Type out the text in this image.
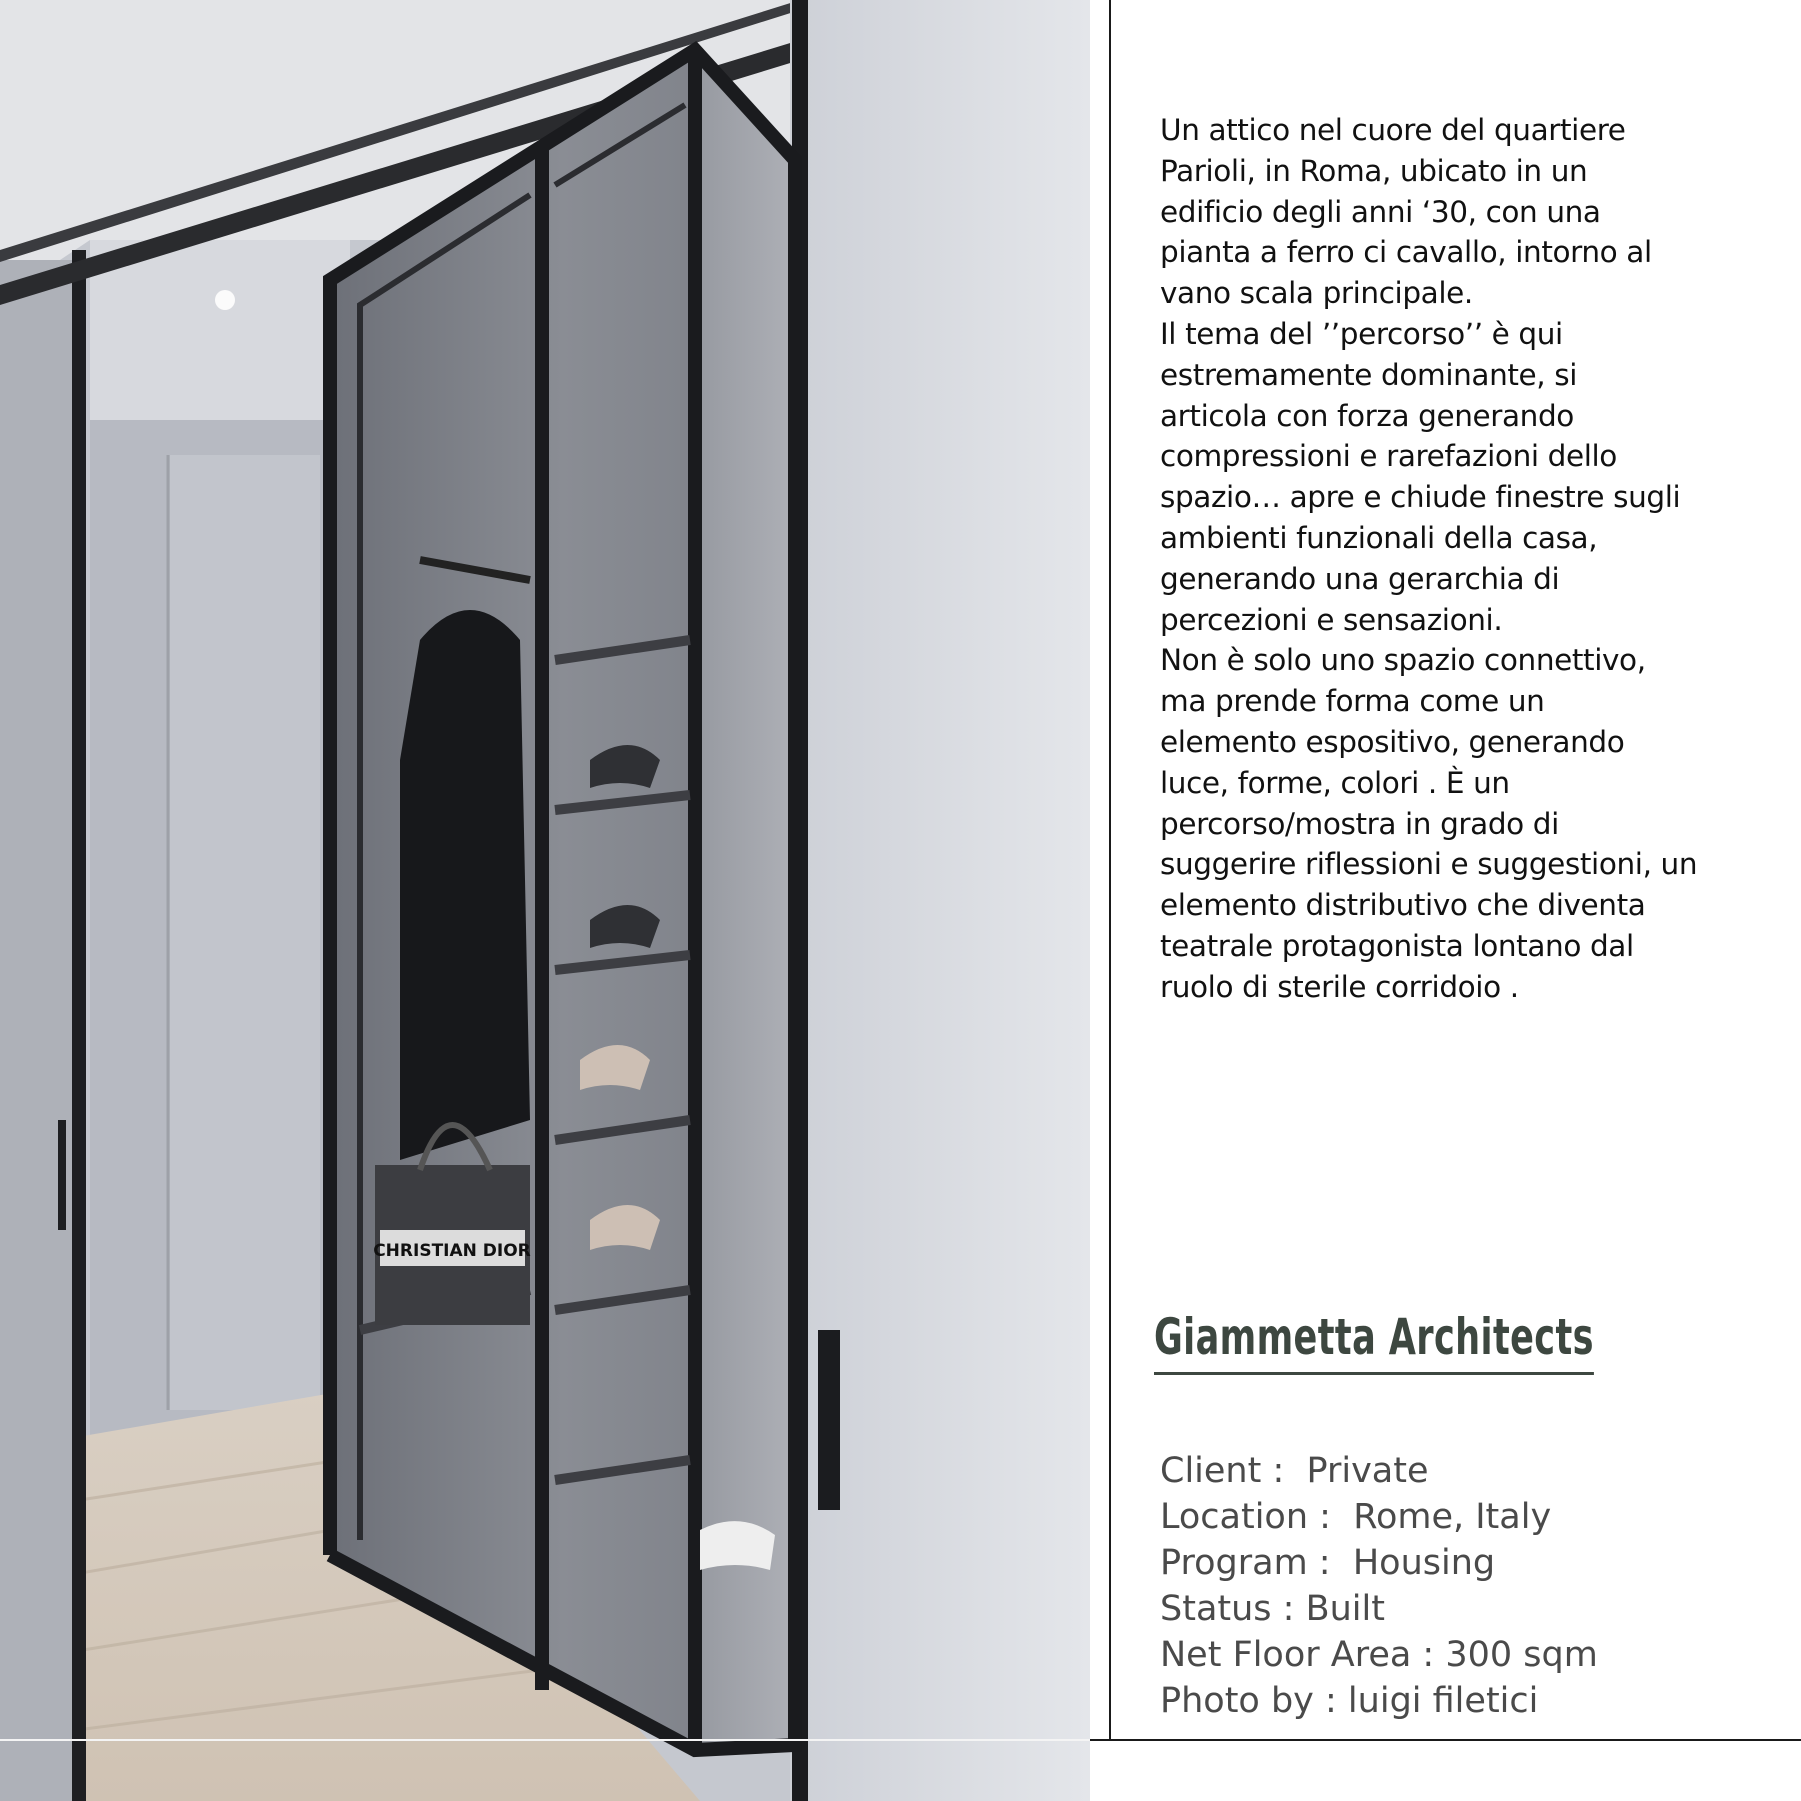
CHRISTIAN DIOR

Un attico nel cuore del quartiere
Parioli, in Roma, ubicato in un
edificio degli anni ‘30, con una
pianta a ferro ci cavallo, intorno al
vano scala principale.

Il tema del ’’percorso’’ è qui
estremamente dominante, si
articola con forza generando
compressioni e rarefazioni dello
spazio… apre e chiude finestre sugli
ambienti funzionali della casa,
generando una gerarchia di
percezioni e sensazioni.

Non è solo uno spazio connettivo,
ma prende forma come un
elemento espositivo, generando
luce, forme, colori . È un
percorso/mostra in grado di
suggerire riflessioni e suggestioni, un
elemento distributivo che diventa
teatrale protagonista lontano dal
ruolo di sterile corridoio .

Giammetta Architects
Client :  Private
Location :  Rome, Italy
Program :  Housing
Status : Built
Net Floor Area : 300 sqm
Photo by : luigi filetici
